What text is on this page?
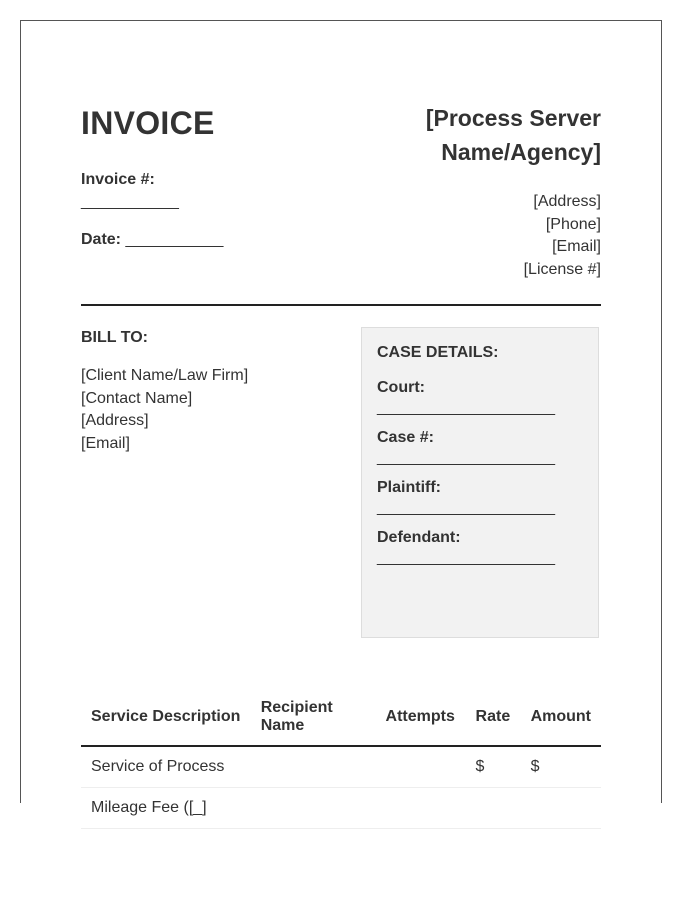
INVOICE
Invoice #:
___________
Date: ___________

[Process Server Name/Agency]

[Address]
[Phone]
[Email]
[License #]

BILL TO:

[Client Name/Law Firm]
[Contact Name]
[Address]
[Email]

CASE DETAILS:

Court:
____________________
Case #:
____________________
Plaintiff:
____________________
Defendant:
____________________
Service Description	Recipient Name	Attempts	Rate	Amount
Service of Process			$	$
Mileage Fee ([_]				
